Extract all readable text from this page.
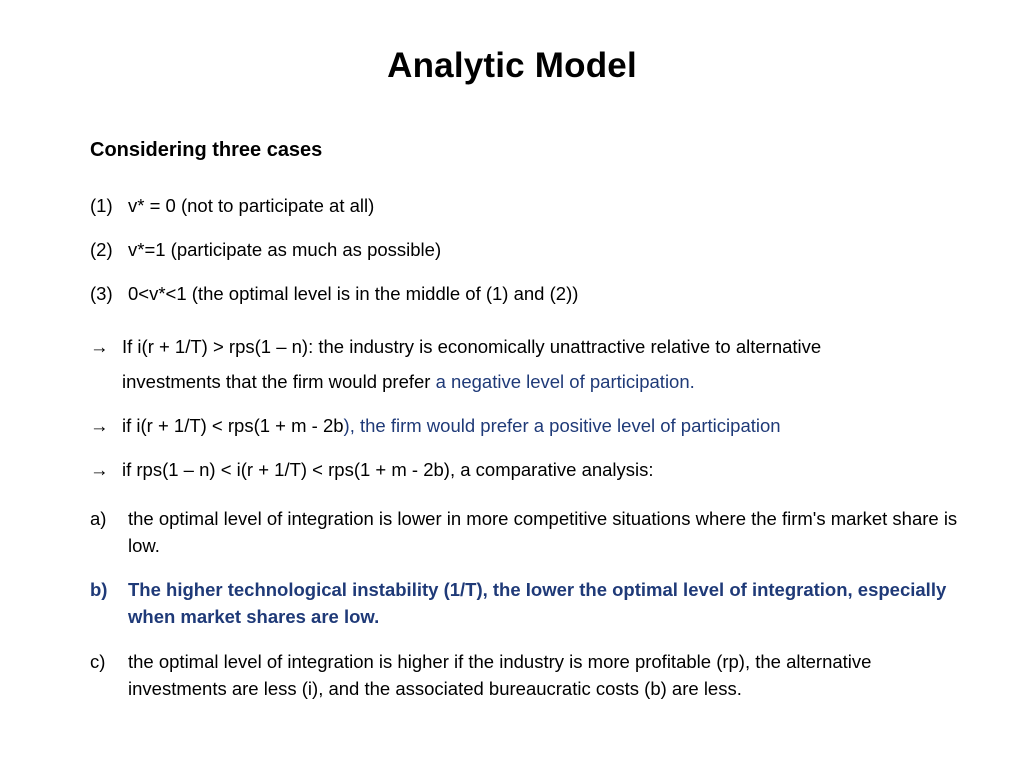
Analytic Model
Considering three cases
(1) v* = 0 (not to participate at all)
(2) v*=1 (participate as much as possible)
(3) 0<v*<1 (the optimal level is in the middle of (1) and (2))
→ If i(r + 1/T) > rps(1 – n): the industry is economically unattractive relative to alternative
investments that the firm would prefer a negative level of participation.
→ if i(r + 1/T) < rps(1 + m - 2b), the firm would prefer a positive level of participation
→ if rps(1 – n) < i(r + 1/T) < rps(1 + m - 2b), a comparative analysis:
a)	the optimal level of integration is lower in more competitive situations where the firm's market share is low.
b)	The higher technological instability (1/T), the Iower the optimal level of integration, especially when market shares are low.
c)	the optimal level of integration is higher if the industry is more profitable (rp), the alternative investments are less (i), and the associated bureaucratic costs (b) are less.
